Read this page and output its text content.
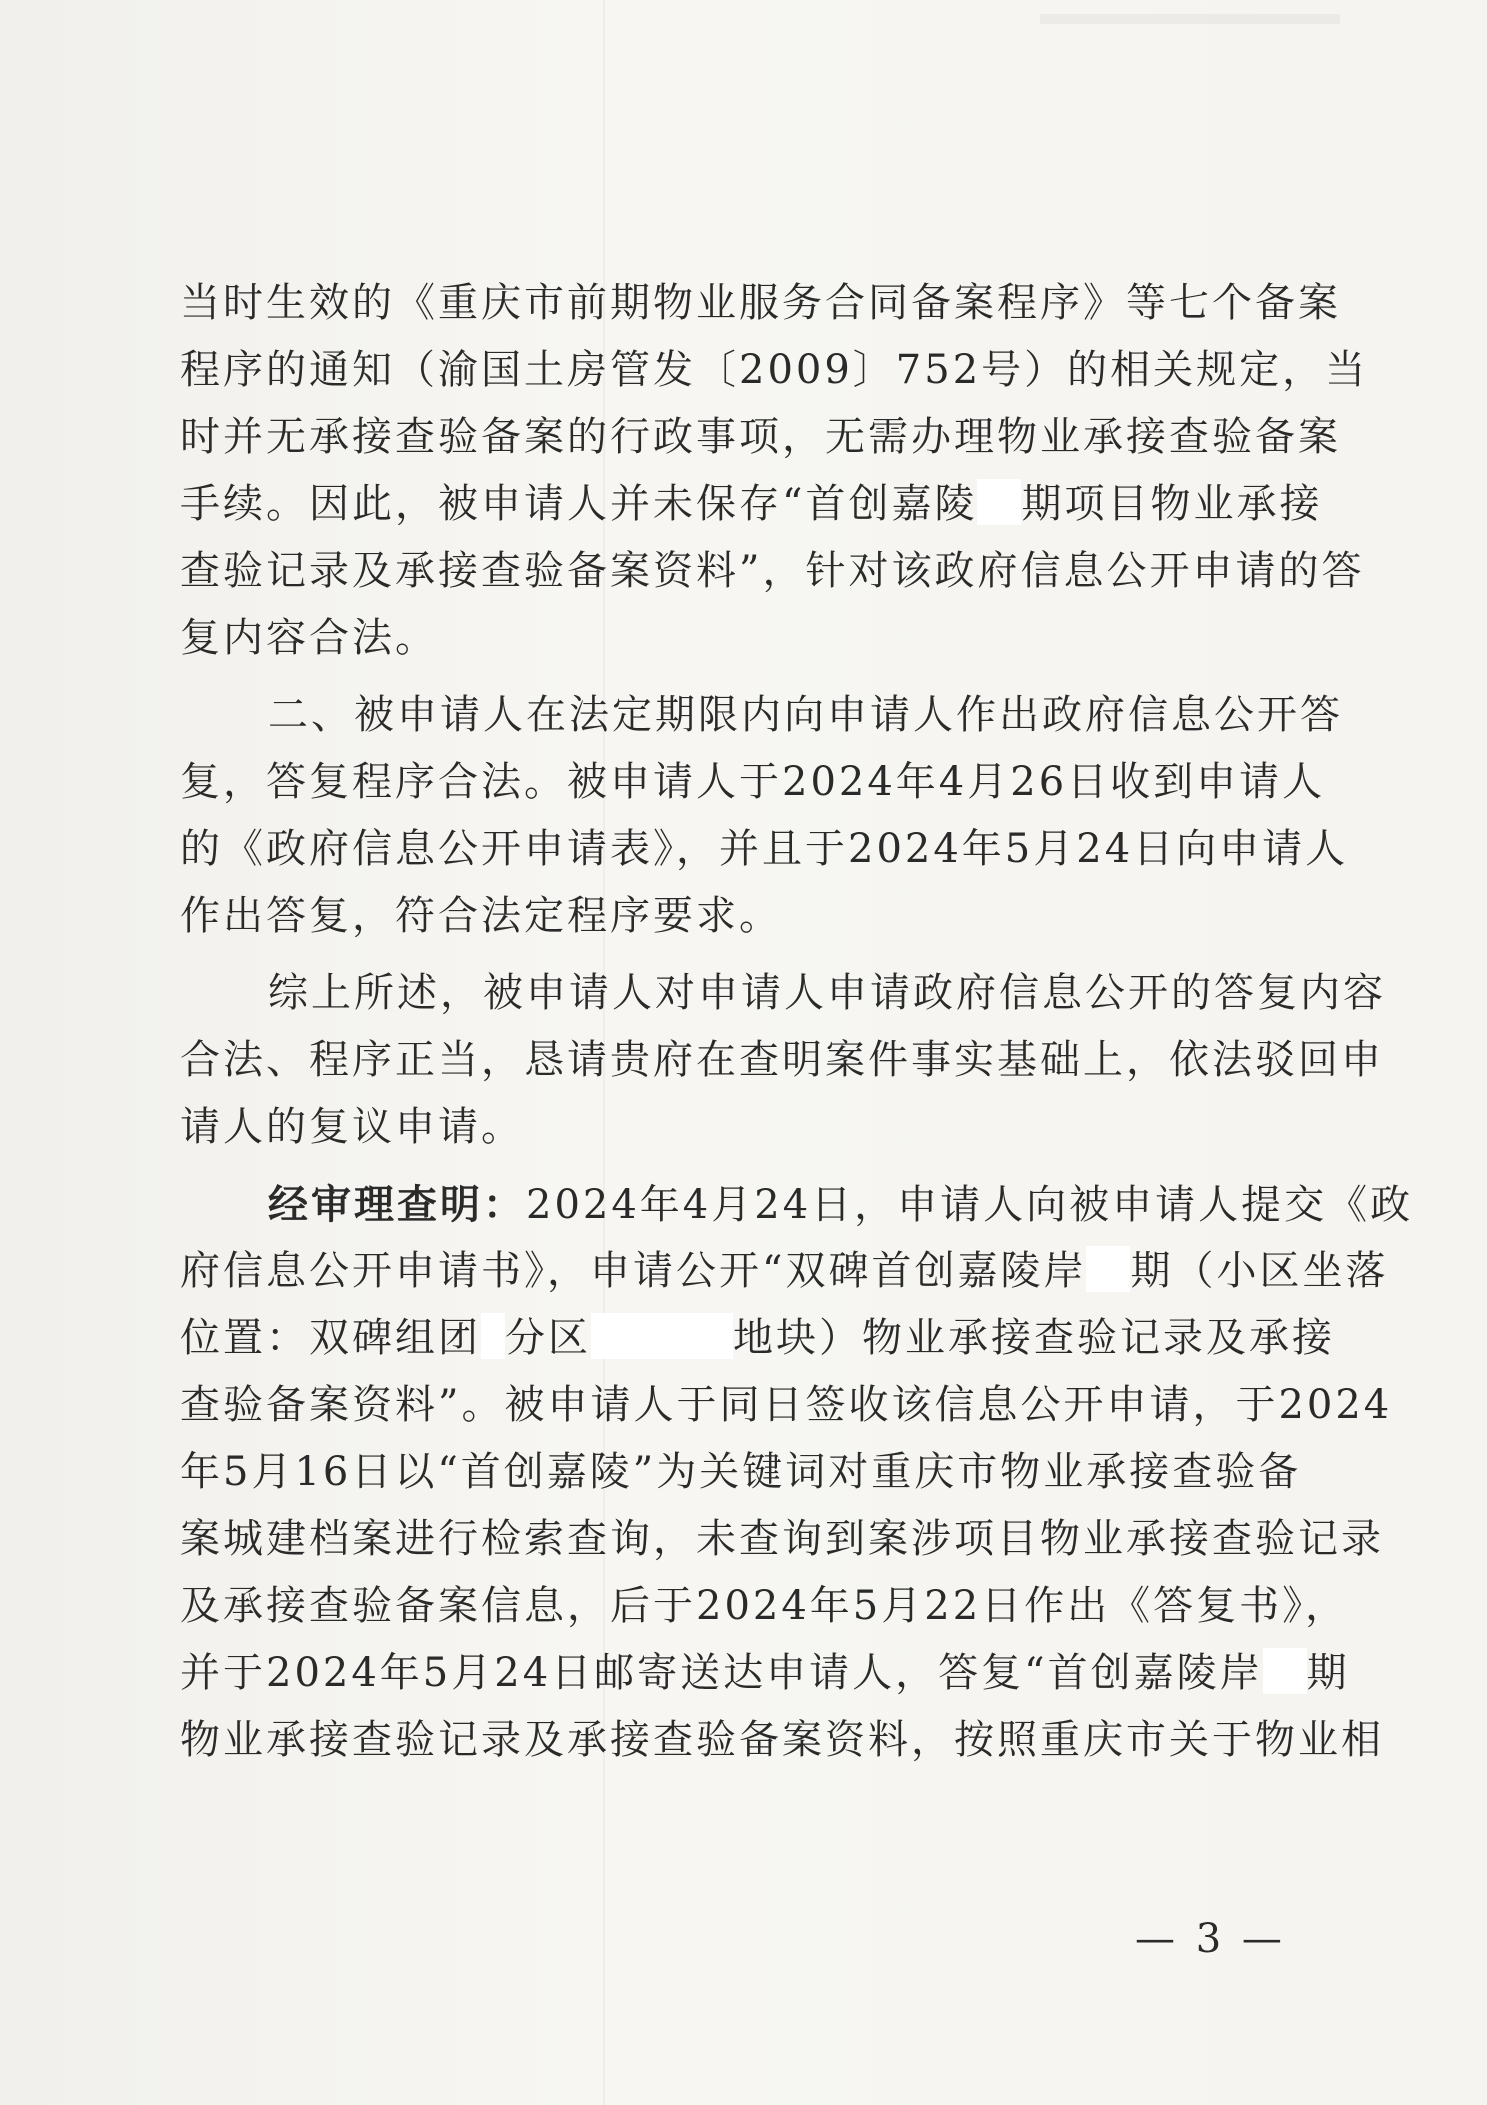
当时生效的《重庆市前期物业服务合同备案程序》等七个备案
程序的通知（渝国土房管发〔2009〕752号）的相关规定，当
时并无承接查验备案的行政事项，无需办理物业承接查验备案
手续。因此，被申请人并未保存“首创嘉陵 期项目物业承接
查验记录及承接查验备案资料”，针对该政府信息公开申请的答
复内容合法。
二、被申请人在法定期限内向申请人作出政府信息公开答
复，答复程序合法。被申请人于2024年4月26日收到申请人
的《政府信息公开申请表》，并且于2024年5月24日向申请人
作出答复，符合法定程序要求。
综上所述，被申请人对申请人申请政府信息公开的答复内容
合法、程序正当，恳请贵府在查明案件事实基础上，依法驳回申
请人的复议申请。
经审理查明：2024年4月24日，申请人向被申请人提交《政
府信息公开申请书》，申请公开“双碑首创嘉陵岸 期（小区坐落
位置：双碑组团 分区	地块）物业承接查验记录及承接
查验备案资料”。被申请人于同日签收该信息公开申请，于2024
年5月16日以“首创嘉陵”为关键词对重庆市物业承接查验备
案城建档案进行检索查询，未查询到案涉项目物业承接查验记录
及承接查验备案信息，后于2024年5月22日作出《答复书》，
并于2024年5月24日邮寄送达申请人，答复“首创嘉陵岸 期
物业承接查验记录及承接查验备案资料，按照重庆市关于物业相
— 3 —
